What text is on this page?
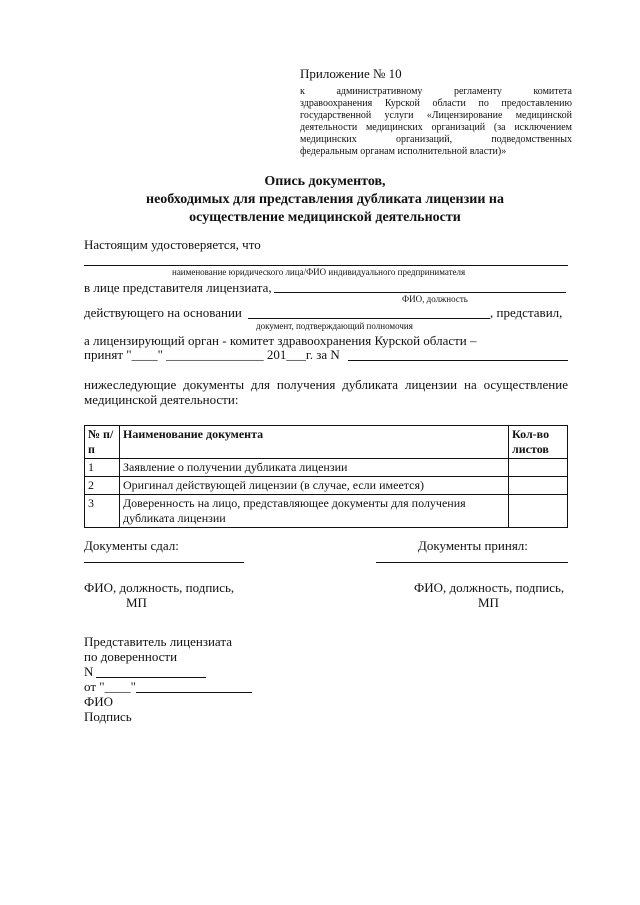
Приложение № 10
к административному регламенту комитета
здравоохранения Курской области по предоставлению
государственной услуги «Лицензирование медицинской
деятельности медицинских организаций (за исключением
медицинских организаций, подведомственных
федеральным органам исполнительной власти)»
Опись документов,
необходимых для представления дубликата лицензии на
осуществление медицинской деятельности
Настоящим удостоверяется, что
наименование юридического лица/ФИО индивидуального предпринимателя
в лице представителя лицензиата,
ФИО, должность
действующего на основании	, представил,
документ, подтверждающий полномочия
а лицензирующий орган - комитет здравоохранения Курской области –
принят "____" _______________ 201___г. за N
нижеследующие документы для получения дубликата лицензии на осуществление
медицинской деятельности:
№ п/п	Наименование документа	Кол-во листов
1	Заявление о получении дубликата лицензии	
2	Оригинал действующей лицензии (в случае, если имеется)	
3	Доверенность на лицо, представляющее документы для получения дубликата лицензии	
Документы сдал:	Документы принял:
ФИО, должность, подпись,
МП
ФИО, должность, подпись,
МП
Представитель лицензиата
по доверенности
N
от "____"
ФИО
Подпись
